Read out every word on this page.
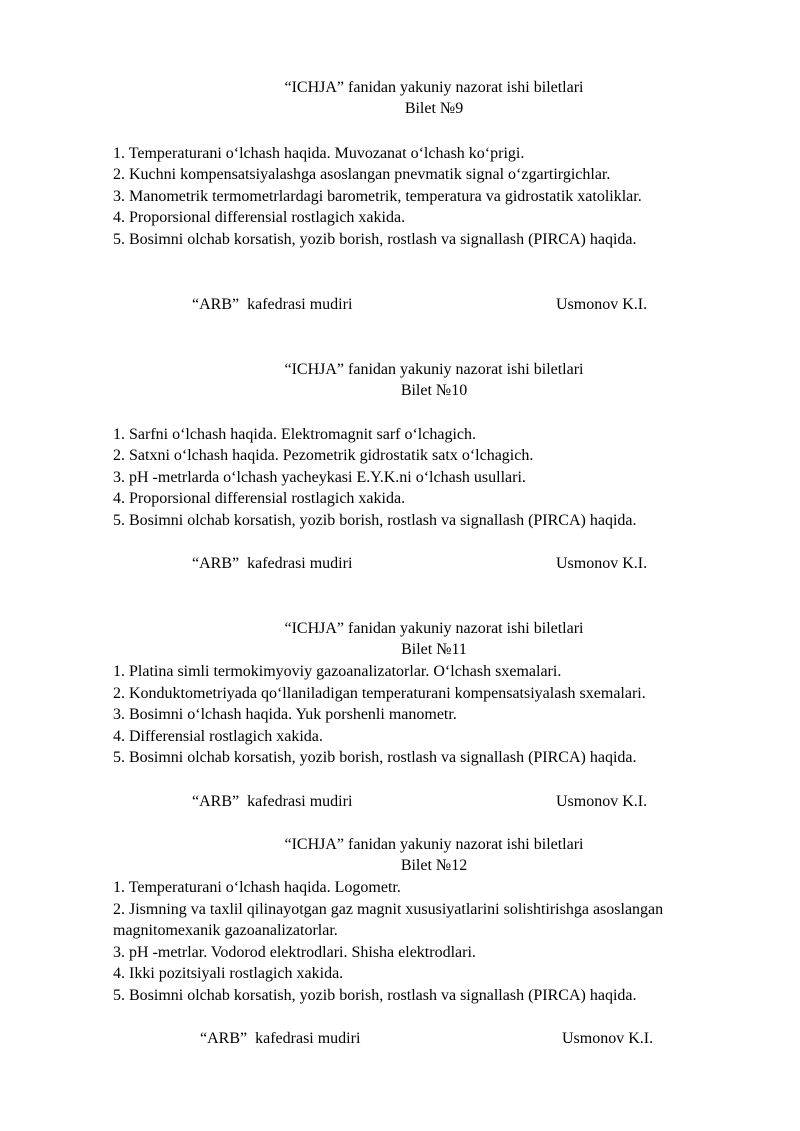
“ICHJA” fanidan yakuniy nazorat ishi biletlari
Bilet №9
1. Temperaturani o‘lchash haqida. Muvozanat o‘lchash ko‘prigi.
2. Kuchni kompensatsiyalashga asoslangan pnevmatik signal o‘zgartirgichlar.
3. Manometrik termometrlardagi barometrik, temperatura va gidrostatik xatoliklar.
4. Proporsional differensial rostlagich xakida.
5. Bosimni olchab korsatish, yozib borish, rostlash va signallash (PIRCA) haqida.
“ARB”  kafedrasi mudiri	Usmonov K.I.
“ICHJA” fanidan yakuniy nazorat ishi biletlari
Bilet №10
1. Sarfni o‘lchash haqida. Elektromagnit sarf o‘lchagich.
2. Satxni o‘lchash haqida. Pezometrik gidrostatik satx o‘lchagich.
3. pH -metrlarda o‘lchash yacheykasi E.Y.K.ni o‘lchash usullari.
4. Proporsional differensial rostlagich xakida.
5. Bosimni olchab korsatish, yozib borish, rostlash va signallash (PIRCA) haqida.
“ARB”  kafedrasi mudiri	Usmonov K.I.
“ICHJA” fanidan yakuniy nazorat ishi biletlari
Bilet №11
1. Platina simli termokimyoviy gazoanalizatorlar. O‘lchash sxemalari.
2. Konduktometriyada qo‘llaniladigan temperaturani kompensatsiyalash sxemalari.
3. Bosimni o‘lchash haqida. Yuk porshenli manometr.
4. Differensial rostlagich xakida.
5. Bosimni olchab korsatish, yozib borish, rostlash va signallash (PIRCA) haqida.
“ARB”  kafedrasi mudiri	Usmonov K.I.
“ICHJA” fanidan yakuniy nazorat ishi biletlari
Bilet №12
1. Temperaturani o‘lchash haqida. Logometr.
2. Jismning va taxlil qilinayotgan gaz magnit xususiyatlarini solishtirishga asoslangan magnitomexanik gazoanalizatorlar.
3. pH -metrlar. Vodorod elektrodlari. Shisha elektrodlari.
4. Ikki pozitsiyali rostlagich xakida.
5. Bosimni olchab korsatish, yozib borish, rostlash va signallash (PIRCA) haqida.
“ARB”  kafedrasi mudiri	Usmonov K.I.
